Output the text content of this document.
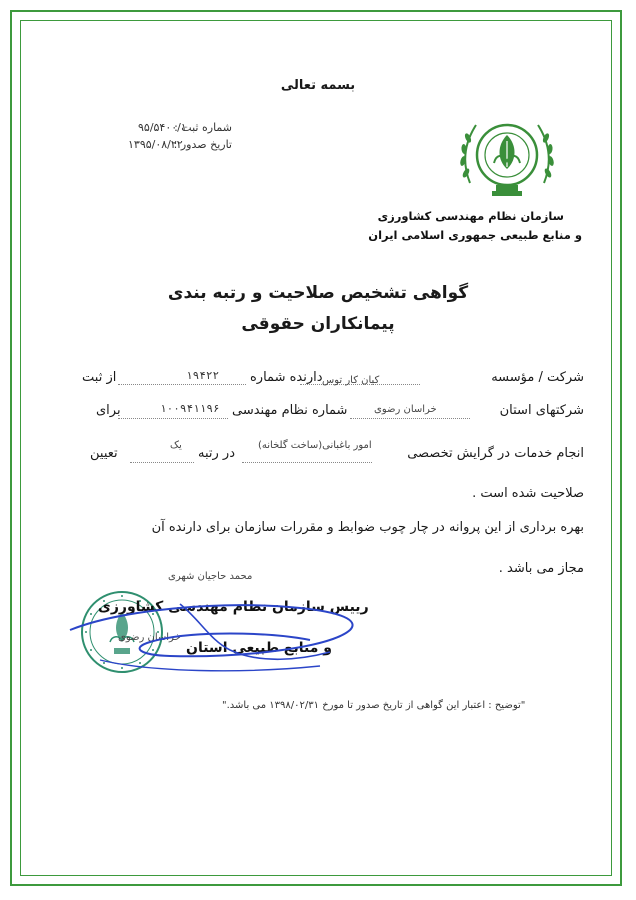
بسمه تعالی
شماره ثبت :
۹۵/۵۴۰۰/۱
تاریخ صدور :
۱۳۹۵/۰۸/۲۲
سازمان نظام مهندسی کشاورزی
و منابع طبیعی جمهوری اسلامی ایران
گواهی تشخیص صلاحیت و رتبه بندی
پیمانکاران حقوقی
شرکت / مؤسسه
کیان کار توس
دارنده شماره
۱۹۴۲۲
از ثبت
شرکتهای استان
خراسان رضوی
شماره نظام مهندسی
۱۰۰۹۴۱۱۹۶
برای
انجام خدمات در گرایش تخصصی
امور باغبانی(ساخت گلخانه)
در رتبه
یک
تعیین
صلاحیت شده است .
بهره برداری از این پروانه در چار چوب ضوابط و مقررات سازمان برای دارنده آن
مجاز می باشد .
محمد حاجیان شهری
رییس سازمان نظام مهندسی کشاورزی
و منابع طبیعی استان
خراسان رضوی
"توضیح : اعتبار این گواهی از تاریخ صدور تا مورخ ۱۳۹۸/۰۲/۳۱ می باشد."
